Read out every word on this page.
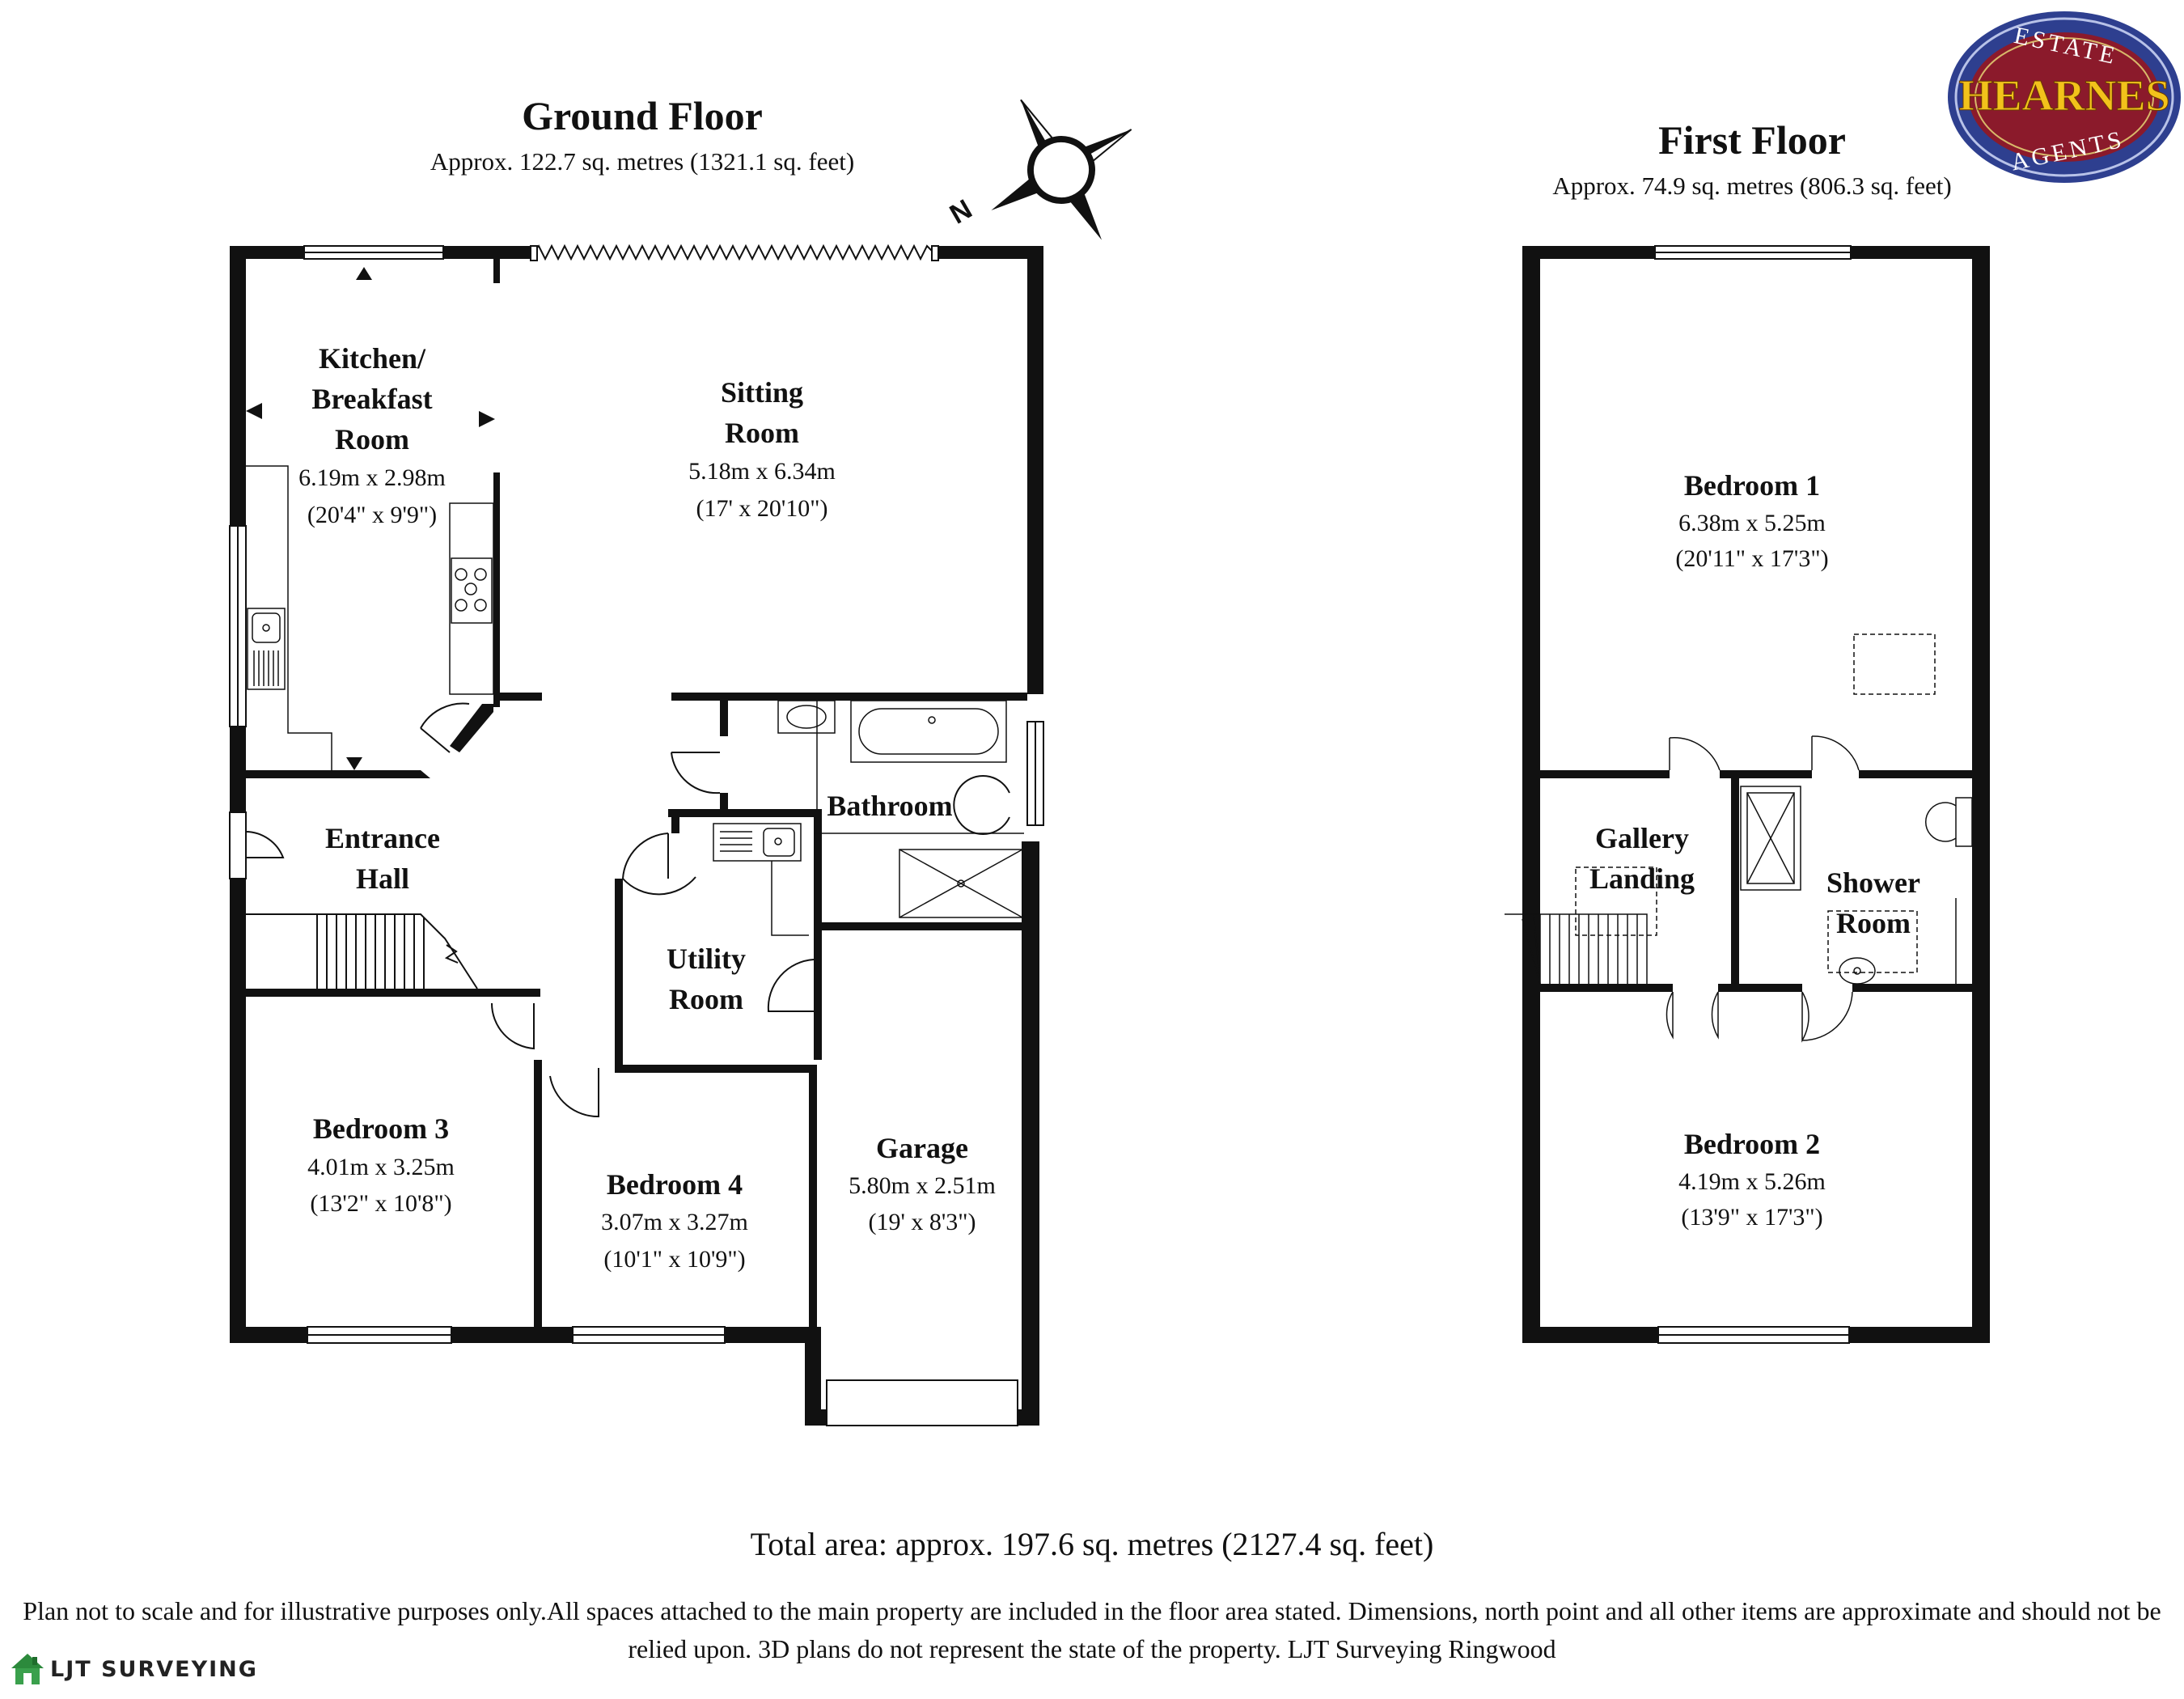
N
ESTATE
HEARNES
AGENTS
Ground Floor
Approx. 122.7 sq. metres (1321.1 sq. feet)	First Floor
Approx. 74.9 sq. metres (806.3 sq. feet)
Kitchen/
Breakfast
Room
6.19m x 2.98m
(20'4" x 9'9")
Sitting
Room
5.18m x 6.34m
(17' x 20'10")
Entrance
Hall
Bathroom
Utility
Room
Bedroom 3
4.01m x 3.25m
(13'2" x 10'8")
Bedroom 4
3.07m x 3.27m
(10'1" x 10'9")
Garage
5.80m x 2.51m
(19' x 8'3")
Bedroom 1
6.38m x 5.25m
(20'11" x 17'3")
Gallery
Landing	Shower
Room
Bedroom 2
4.19m x 5.26m
(13'9" x 17'3")
Total area: approx. 197.6 sq. metres (2127.4 sq. feet)
Plan not to scale and for illustrative purposes only.All spaces attached to the main property are included in the floor area stated. Dimensions, north point and all other items are approximate and should not be relied upon. 3D plans do not represent the state of the property. LJT Surveying Ringwood
LJT SURVEYING
